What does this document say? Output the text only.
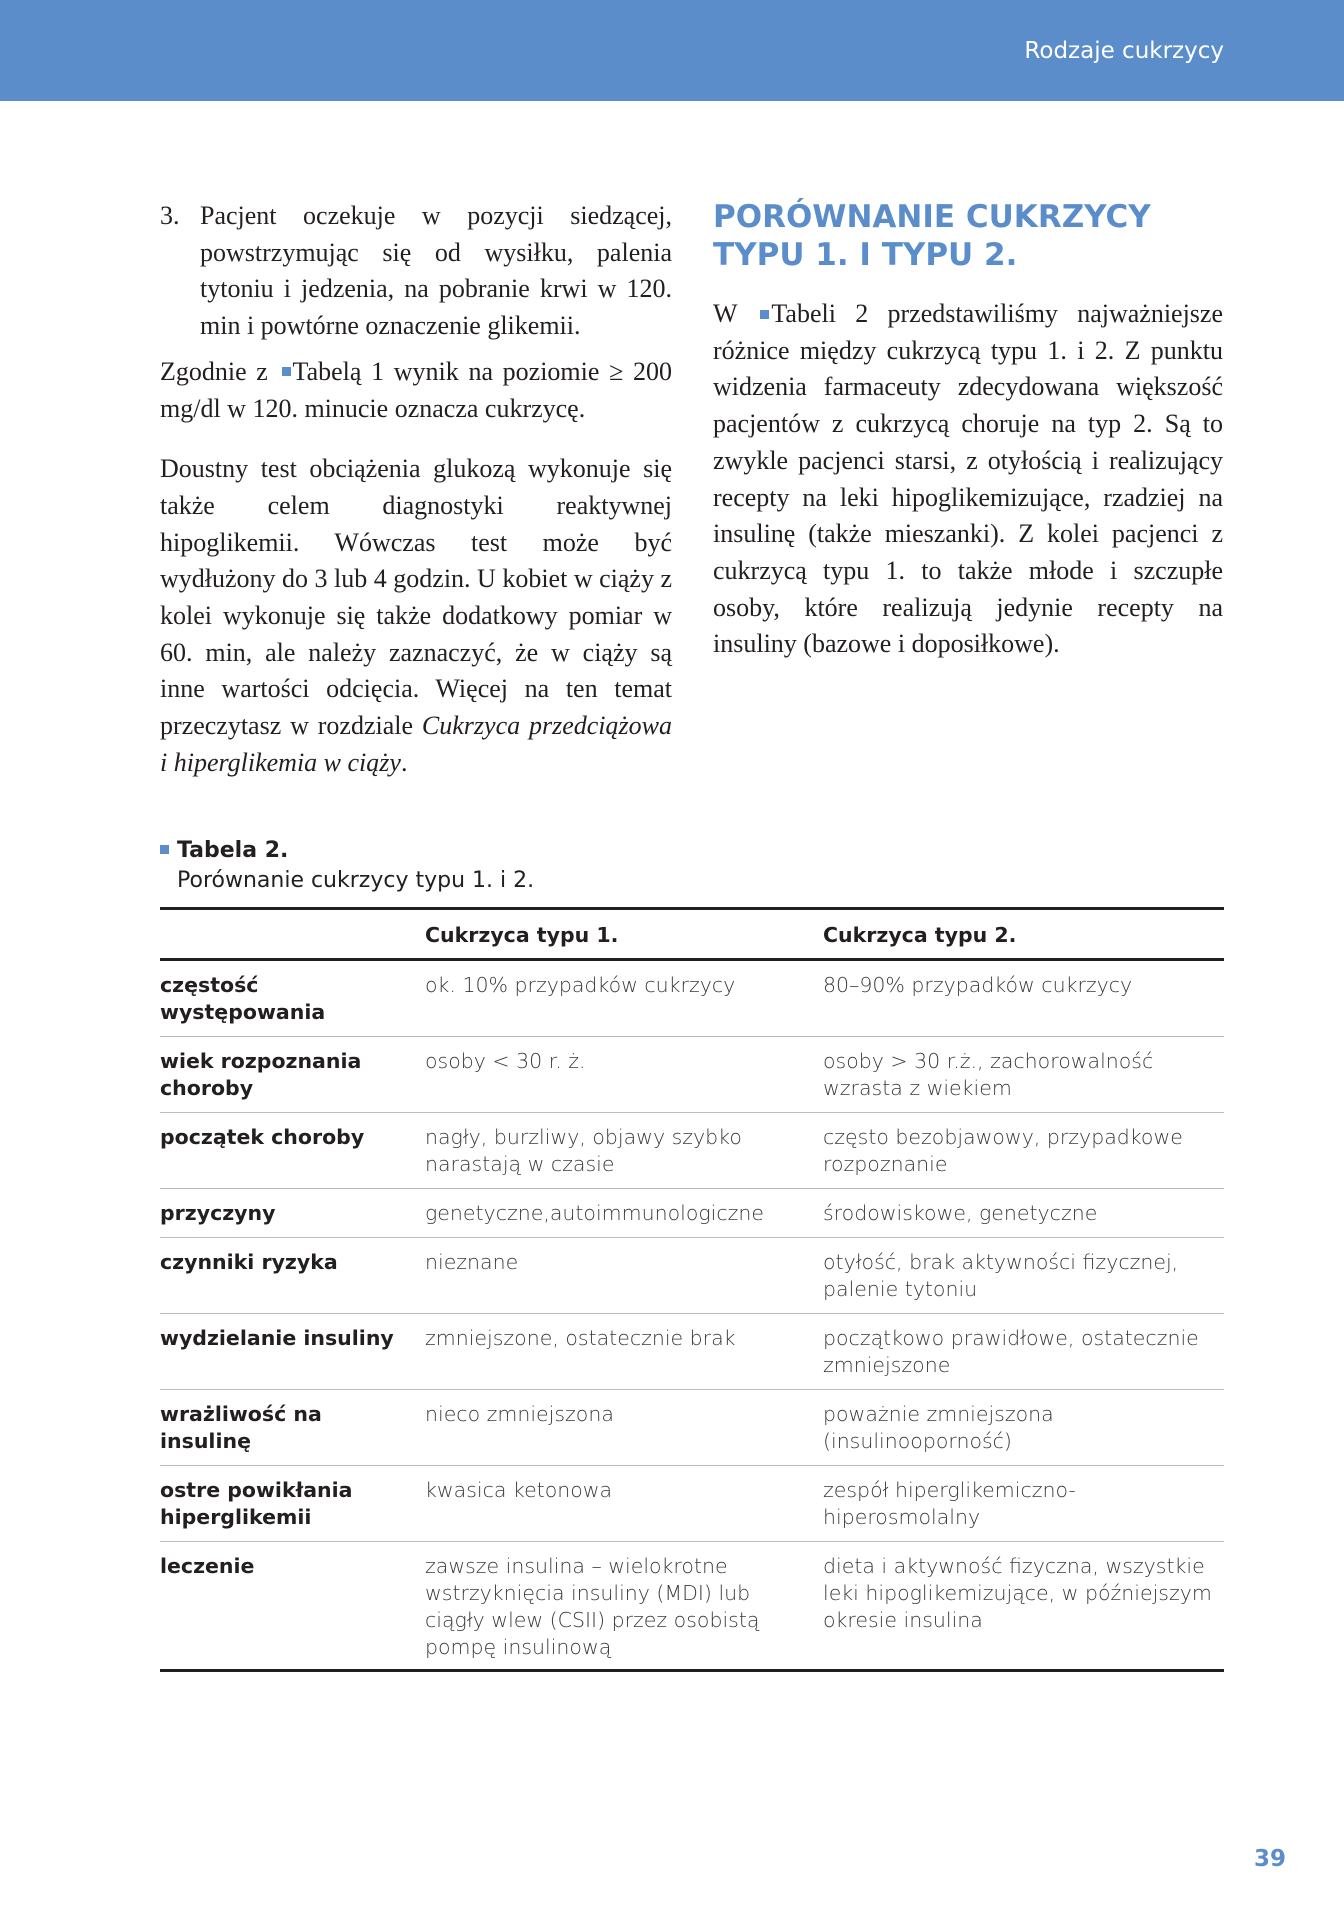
Rodzaje cukrzycy
3. Pacjent oczekuje w pozycji siedzącej, powstrzymując się od wysiłku, palenia tytoniu i jedzenia, na pobranie krwi w 120. min i powtórne oznaczenie glikemii.

Zgodnie z Tabelą 1 wynik na poziomie ≥ 200 mg/dl w 120. minucie oznacza cukrzycę.

Doustny test obciążenia glukozą wykonuje się także celem diagnostyki reaktywnej hipoglikemii. Wówczas test może być wydłużony do 3 lub 4 godzin. U kobiet w ciąży z kolei wykonuje się także dodatkowy pomiar w 60. min, ale należy zaznaczyć, że w ciąży są inne wartości odcięcia. Więcej na ten temat przeczytasz w rozdziale Cukrzyca przedciążowa i hiperglikemia w ciąży.

PORÓWNANIE CUKRZYCY TYPU 1. I TYPU 2.

W Tabeli 2 przedstawiliśmy najważniejsze różnice między cukrzycą typu 1. i 2. Z punktu widzenia farmaceuty zdecydowana większość pacjentów z cukrzycą choruje na typ 2. Są to zwykle pacjenci starsi, z otyłością i realizujący recepty na leki hipoglikemizujące, rzadziej na insulinę (także mieszanki). Z kolei pacjenci z cukrzycą typu 1. to także młode i szczupłe osoby, które realizują jedynie recepty na insuliny (bazowe i doposiłkowe).

Tabela 2.
Porównanie cukrzycy typu 1. i 2.
	Cukrzyca typu 1.	Cukrzyca typu 2.
częstość występowania	ok. 10% przypadków cukrzycy	80–90% przypadków cukrzycy
wiek rozpoznania choroby	osoby < 30 r. ż.	osoby > 30 r.ż., zachorowalność wzrasta z wiekiem
początek choroby	nagły, burzliwy, objawy szybko narastają w czasie	często bezobjawowy, przypadkowe rozpoznanie
przyczyny	genetyczne,autoimmunologiczne	środowiskowe, genetyczne
czynniki ryzyka	nieznane	otyłość, brak aktywności fizycznej, palenie tytoniu
wydzielanie insuliny	zmniejszone, ostatecznie brak	początkowo prawidłowe, ostatecznie zmniejszone
wrażliwość na insulinę	nieco zmniejszona	poważnie zmniejszona (insulinooporność)
ostre powikłania hiperglikemii	kwasica ketonowa	zespół hiperglikemiczno-hiperosmolalny
leczenie	zawsze insulina – wielokrotne wstrzyknięcia insuliny (MDI) lub ciągły wlew (CSII) przez osobistą pompę insulinową	dieta i aktywność fizyczna, wszystkie leki hipoglikemizujące, w późniejszym okresie insulina
39
